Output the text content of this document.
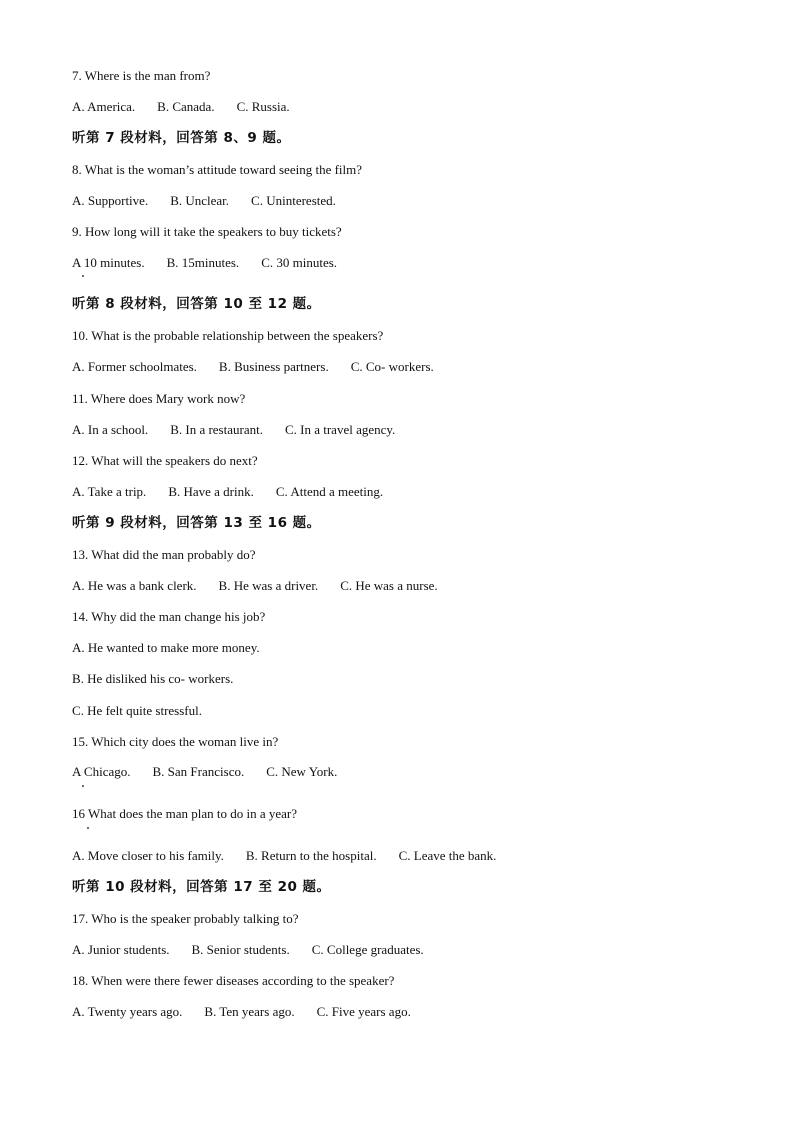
7. Where is the man from?
A. America. B. Canada. C. Russia.
听第 7 段材料，回答第 8、9 题。
8. What is the woman’s attitude toward seeing the film?
A. Supportive. B. Unclear. C. Uninterested.
9. How long will it take the speakers to buy tickets?
A 10 minutes. B. 15minutes. C. 30 minutes.
听第 8 段材料，回答第 10 至 12 题。
10. What is the probable relationship between the speakers?
A. Former schoolmates. B. Business partners. C. Co- workers.
11. Where does Mary work now?
A. In a school. B. In a restaurant. C. In a travel agency.
12. What will the speakers do next?
A. Take a trip. B. Have a drink. C. Attend a meeting.
听第 9 段材料，回答第 13 至 16 题。
13. What did the man probably do?
A. He was a bank clerk. B. He was a driver. C. He was a nurse.
14. Why did the man change his job?
A. He wanted to make more money.
B. He disliked his co- workers.
C. He felt quite stressful.
15. Which city does the woman live in?
A Chicago. B. San Francisco. C. New York.
16 What does the man plan to do in a year?
A. Move closer to his family. B. Return to the hospital. C. Leave the bank.
听第 10 段材料，回答第 17 至 20 题。
17. Who is the speaker probably talking to?
A. Junior students. B. Senior students. C. College graduates.
18. When were there fewer diseases according to the speaker?
A. Twenty years ago. B. Ten years ago. C. Five years ago.
